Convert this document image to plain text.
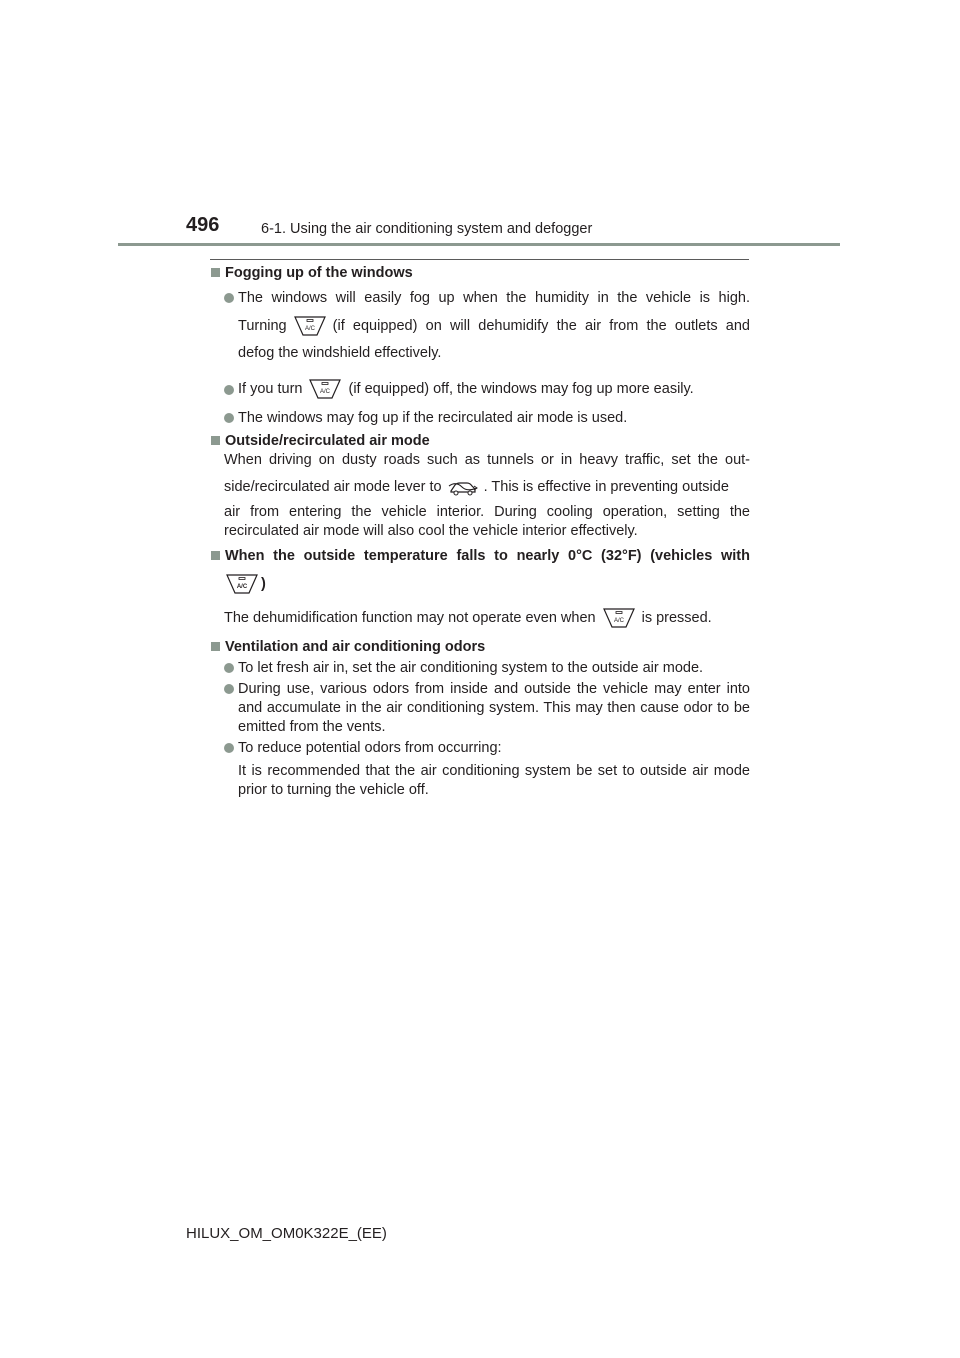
496	6-1. Using the air conditioning system and defogger
Fogging up of the windows
The windows will easily fog up when the humidity in the vehicle is high.
Turning	A/C (if equipped) on will dehumidify the air from the outlets and
defog the windshield effectively.
If you turn	A/C (if equipped) off, the windows may fog up more easily.
The windows may fog up if the recirculated air mode is used.
Outside/recirculated air mode
When driving on dusty roads such as tunnels or in heavy traffic, set the out-
side/recirculated air mode lever to	. This is effective in preventing outside
air from entering the vehicle interior. During cooling operation, setting the
recirculated air mode will also cool the vehicle interior effectively.
When the outside temperature falls to nearly 0°C (32°F) (vehicles with
A/C )
The dehumidification function may not operate even when	A/C is pressed.
Ventilation and air conditioning odors
To let fresh air in, set the air conditioning system to the outside air mode.
During use, various odors from inside and outside the vehicle may enter into and accumulate in the air conditioning system. This may then cause odor to be emitted from the vents.
To reduce potential odors from occurring:
It is recommended that the air conditioning system be set to outside air mode prior to turning the vehicle off.
HILUX_OM_OM0K322E_(EE)
